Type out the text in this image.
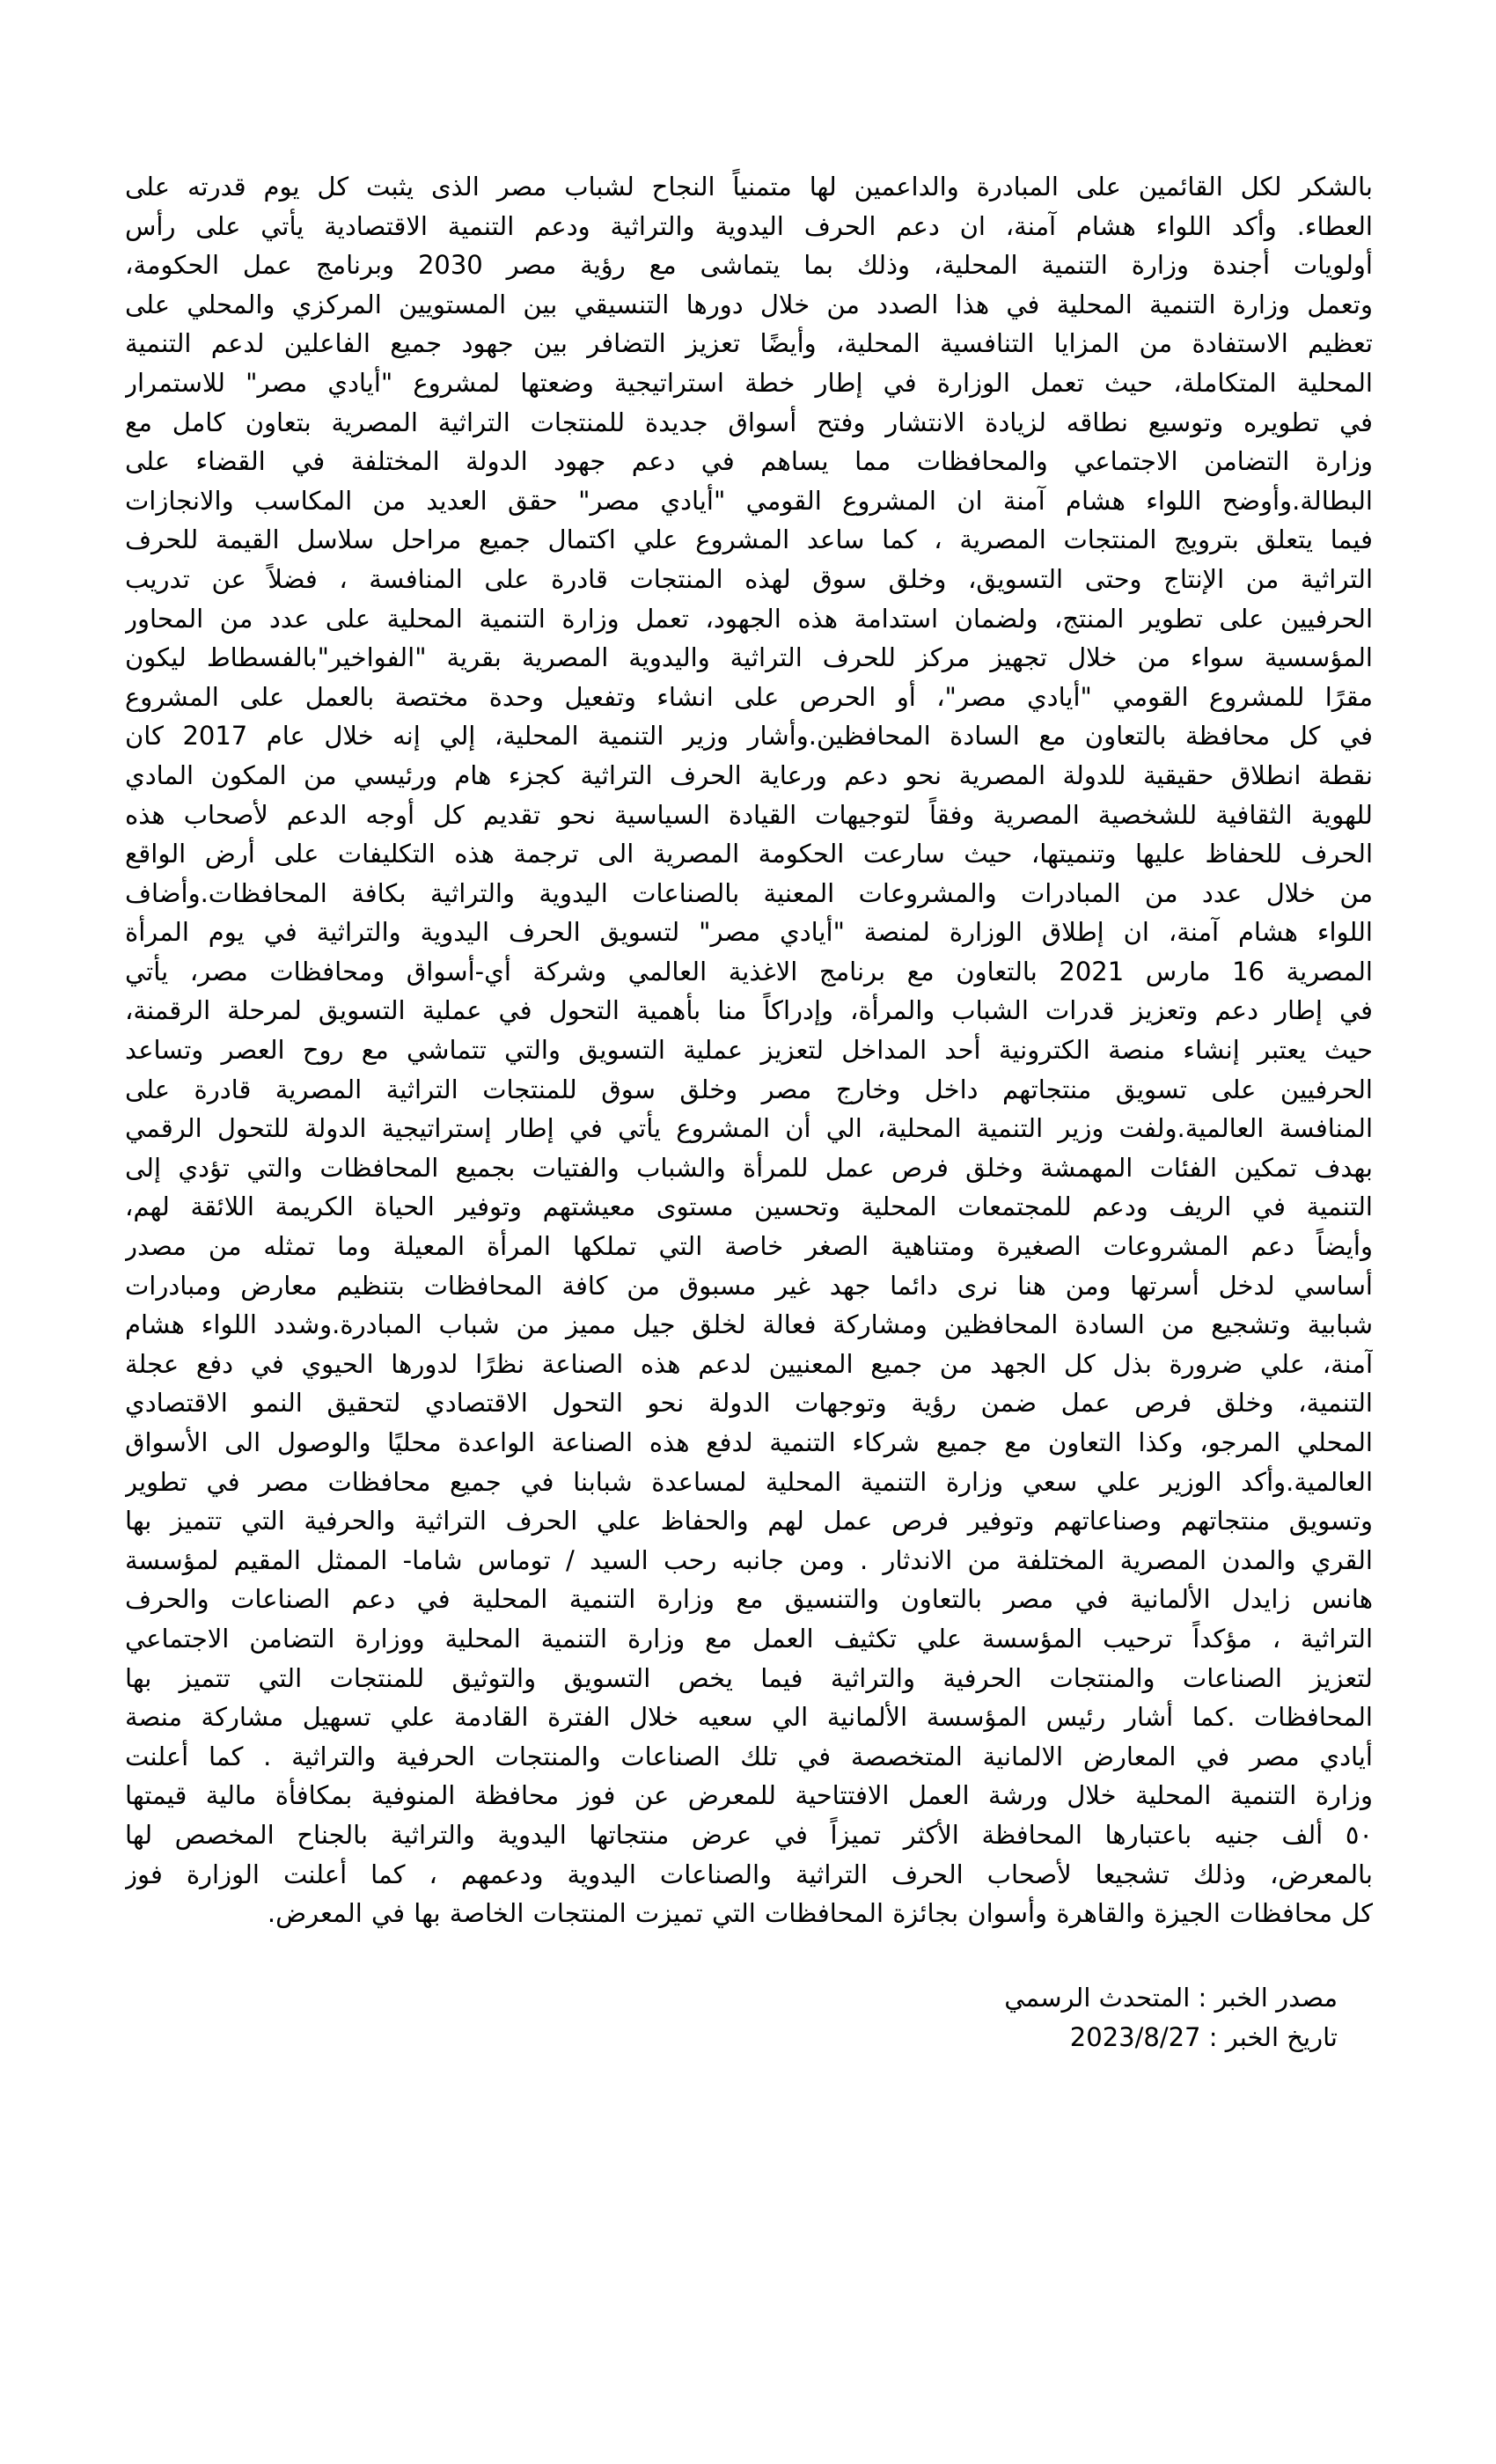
بالشكر لكل القائمين على المبادرة والداعمين لها متمنياً النجاح لشباب مصر الذى يثبت كل يوم قدرته على
العطاء. وأكد اللواء هشام آمنة، ان دعم الحرف اليدوية والتراثية ودعم التنمية الاقتصادية يأتي على رأس
أولويات أجندة وزارة التنمية المحلية، وذلك بما يتماشى مع رؤية مصر 2030 وبرنامج عمل الحكومة،
وتعمل وزارة التنمية المحلية في هذا الصدد من خلال دورها التنسيقي بين المستويين المركزي والمحلي على
تعظيم الاستفادة من المزايا التنافسية المحلية، وأيضًا تعزيز التضافر بين جهود جميع الفاعلين لدعم التنمية
المحلية المتكاملة، حيث تعمل الوزارة في إطار خطة استراتيجية وضعتها لمشروع "أيادي مصر" للاستمرار
في تطويره وتوسيع نطاقه لزيادة الانتشار وفتح أسواق جديدة للمنتجات التراثية المصرية بتعاون كامل مع
وزارة التضامن الاجتماعي والمحافظات مما يساهم في دعم جهود الدولة المختلفة في القضاء على
البطالة.وأوضح اللواء هشام آمنة ان المشروع القومي "أيادي مصر" حقق العديد من المكاسب والانجازات
فيما يتعلق بترويج المنتجات المصرية ، كما ساعد المشروع علي اكتمال جميع مراحل سلاسل القيمة للحرف
التراثية من الإنتاج وحتى التسويق، وخلق سوق لهذه المنتجات قادرة على المنافسة ، فضلاً عن تدريب
الحرفيين على تطوير المنتج، ولضمان استدامة هذه الجهود، تعمل وزارة التنمية المحلية على عدد من المحاور
المؤسسية سواء من خلال تجهيز مركز للحرف التراثية واليدوية المصرية بقرية "الفواخير"بالفسطاط ليكون
مقرًا للمشروع القومي "أيادي مصر"، أو الحرص على انشاء وتفعيل وحدة مختصة بالعمل على المشروع
في كل محافظة بالتعاون مع السادة المحافظين.وأشار وزير التنمية المحلية، إلي إنه خلال عام 2017 كان
نقطة انطلاق حقيقية للدولة المصرية نحو دعم ورعاية الحرف التراثية كجزء هام ورئيسي من المكون المادي
للهوية الثقافية للشخصية المصرية وفقاً لتوجيهات القيادة السياسية نحو تقديم كل أوجه الدعم لأصحاب هذه
الحرف للحفاظ عليها وتنميتها، حيث سارعت الحكومة المصرية الى ترجمة هذه التكليفات على أرض الواقع
من خلال عدد من المبادرات والمشروعات المعنية بالصناعات اليدوية والتراثية بكافة المحافظات.وأضاف
اللواء هشام آمنة، ان إطلاق الوزارة لمنصة "أيادي مصر" لتسويق الحرف اليدوية والتراثية في يوم المرأة
المصرية 16 مارس 2021 بالتعاون مع برنامج الاغذية العالمي وشركة أي-أسواق ومحافظات مصر، يأتي
في إطار دعم وتعزيز قدرات الشباب والمرأة، وإدراكاً منا بأهمية التحول في عملية التسويق لمرحلة الرقمنة،
حيث يعتبر إنشاء منصة الكترونية أحد المداخل لتعزيز عملية التسويق والتي تتماشي مع روح العصر وتساعد
الحرفيين على تسويق منتجاتهم داخل وخارج مصر وخلق سوق للمنتجات التراثية المصرية قادرة على
المنافسة العالمية.ولفت وزير التنمية المحلية، الي أن المشروع يأتي في إطار إستراتيجية الدولة للتحول الرقمي
بهدف تمكين الفئات المهمشة وخلق فرص عمل للمرأة والشباب والفتيات بجميع المحافظات والتي تؤدي إلى
التنمية في الريف ودعم للمجتمعات المحلية وتحسين مستوى معيشتهم وتوفير الحياة الكريمة اللائقة لهم،
وأيضاً دعم المشروعات الصغيرة ومتناهية الصغر خاصة التي تملكها المرأة المعيلة وما تمثله من مصدر
أساسي لدخل أسرتها ومن هنا نرى دائما جهد غير مسبوق من كافة المحافظات بتنظيم معارض ومبادرات
شبابية وتشجيع من السادة المحافظين ومشاركة فعالة لخلق جيل مميز من شباب المبادرة.وشدد اللواء هشام
آمنة، علي ضرورة بذل كل الجهد من جميع المعنيين لدعم هذه الصناعة نظرًا لدورها الحيوي في دفع عجلة
التنمية، وخلق فرص عمل ضمن رؤية وتوجهات الدولة نحو التحول الاقتصادي لتحقيق النمو الاقتصادي
المحلي المرجو، وكذا التعاون مع جميع شركاء التنمية لدفع هذه الصناعة الواعدة محليًا والوصول الى الأسواق
العالمية.وأكد الوزير علي سعي وزارة التنمية المحلية لمساعدة شبابنا في جميع محافظات مصر في تطوير
وتسويق منتجاتهم وصناعاتهم وتوفير فرص عمل لهم والحفاظ علي الحرف التراثية والحرفية التي تتميز بها
القري والمدن المصرية المختلفة من الاندثار . ومن جانبه رحب السيد / توماس شاما- الممثل المقيم لمؤسسة
هانس زايدل الألمانية في مصر بالتعاون والتنسيق مع وزارة التنمية المحلية في دعم الصناعات والحرف
التراثية ، مؤكداً ترحيب المؤسسة علي تكثيف العمل مع وزارة التنمية المحلية ووزارة التضامن الاجتماعي
لتعزيز الصناعات والمنتجات الحرفية والتراثية فيما يخص التسويق والتوثيق للمنتجات التي تتميز بها
المحافظات .كما أشار رئيس المؤسسة الألمانية الي سعيه خلال الفترة القادمة علي تسهيل مشاركة منصة
أيادي مصر في المعارض الالمانية المتخصصة في تلك الصناعات والمنتجات الحرفية والتراثية . كما أعلنت
وزارة التنمية المحلية خلال ورشة العمل الافتتاحية للمعرض عن فوز محافظة المنوفية بمكافأة مالية قيمتها
٥٠ ألف جنيه باعتبارها المحافظة الأكثر تميزاً في عرض منتجاتها اليدوية والتراثية بالجناح المخصص لها
بالمعرض، وذلك تشجيعا لأصحاب الحرف التراثية والصناعات اليدوية ودعمهم ، كما أعلنت الوزارة فوز
كل محافظات الجيزة والقاهرة وأسوان بجائزة المحافظات التي تميزت المنتجات الخاصة بها في المعرض.
مصدر الخبر : المتحدث الرسمي
تاريخ الخبر : 2023/8/27
